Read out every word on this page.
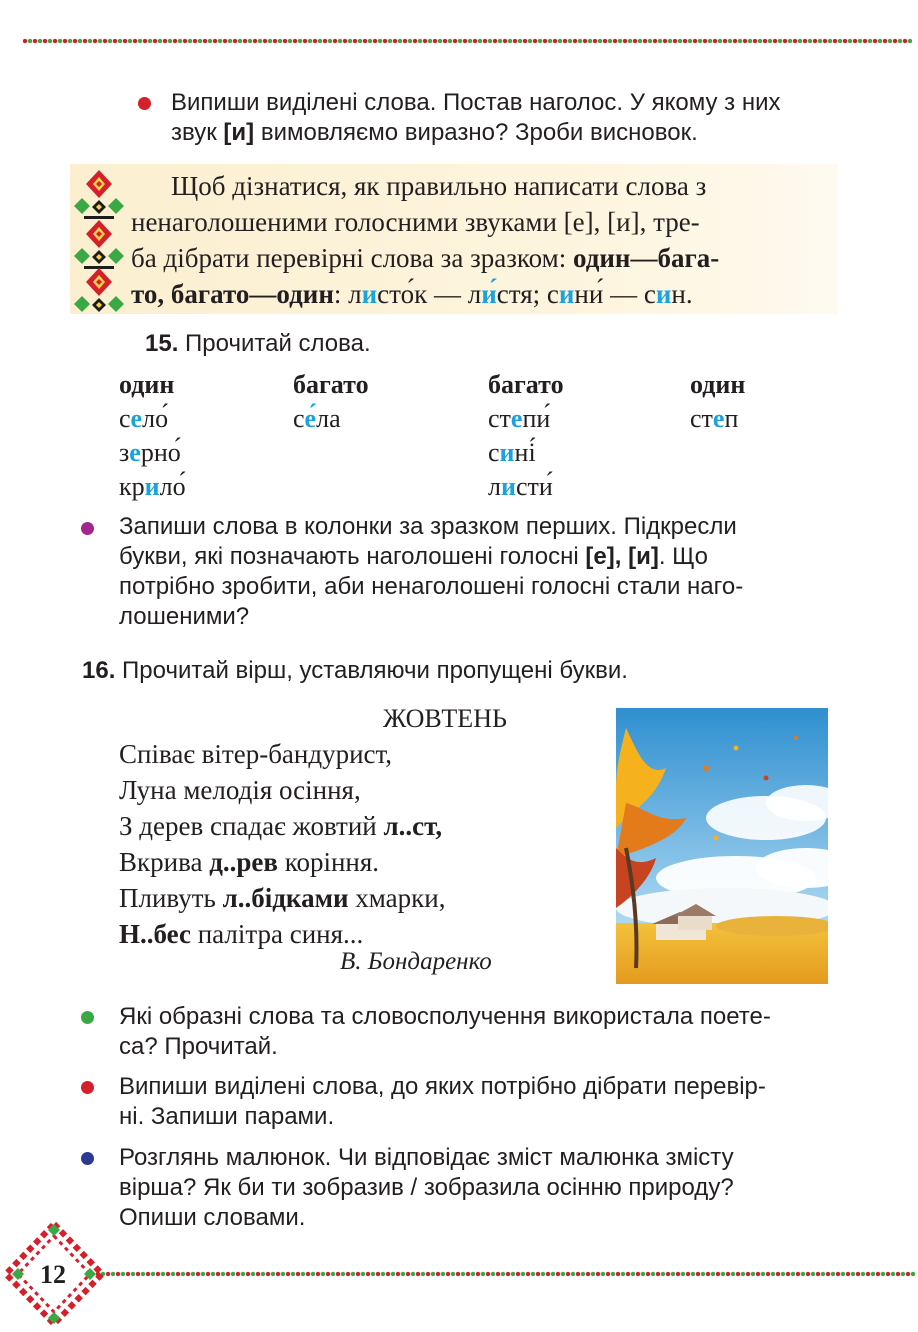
Випиши виділені слова. Постав наголос. У якому з них
звук [и] вимовляємо виразно? Зроби висновок.
Щоб дізнатися, як правильно написати слова з
ненаголошеними голосними звуками [е], [и], тре-
ба дібрати перевірні слова за зразком: один—бага-
то, багато—один: листо́к — ли́стя; сини́ — син.
15. Прочитай слова.
один
село́
зерно́
крило́
багато
се́ла
багато
степи́
сині́
листи́
один
степ
Запиши слова в колонки за зразком перших. Підкресли
букви, які позначають наголошені голосні [е], [и]. Що
потрібно зробити, аби ненаголошені голосні стали наго-
лошеними?
16. Прочитай вірш, уставляючи пропущені букви.
ЖОВТЕНЬ
Співає вітер-бандурист,
Луна мелодія осіння,
З дерев спадає жовтий л..ст,
Вкрива д..рев коріння.
Пливуть л..бідками хмарки,
Н..бес палітра синя...
В. Бондаренко
Які образні слова та словосполучення використала поете-
са? Прочитай.
Випиши виділені слова, до яких потрібно дібрати перевір-
ні. Запиши парами.
Розглянь малюнок. Чи відповідає зміст малюнка змісту
вірша? Як би ти зобразив / зобразила осінню природу?
Опиши словами.
12
